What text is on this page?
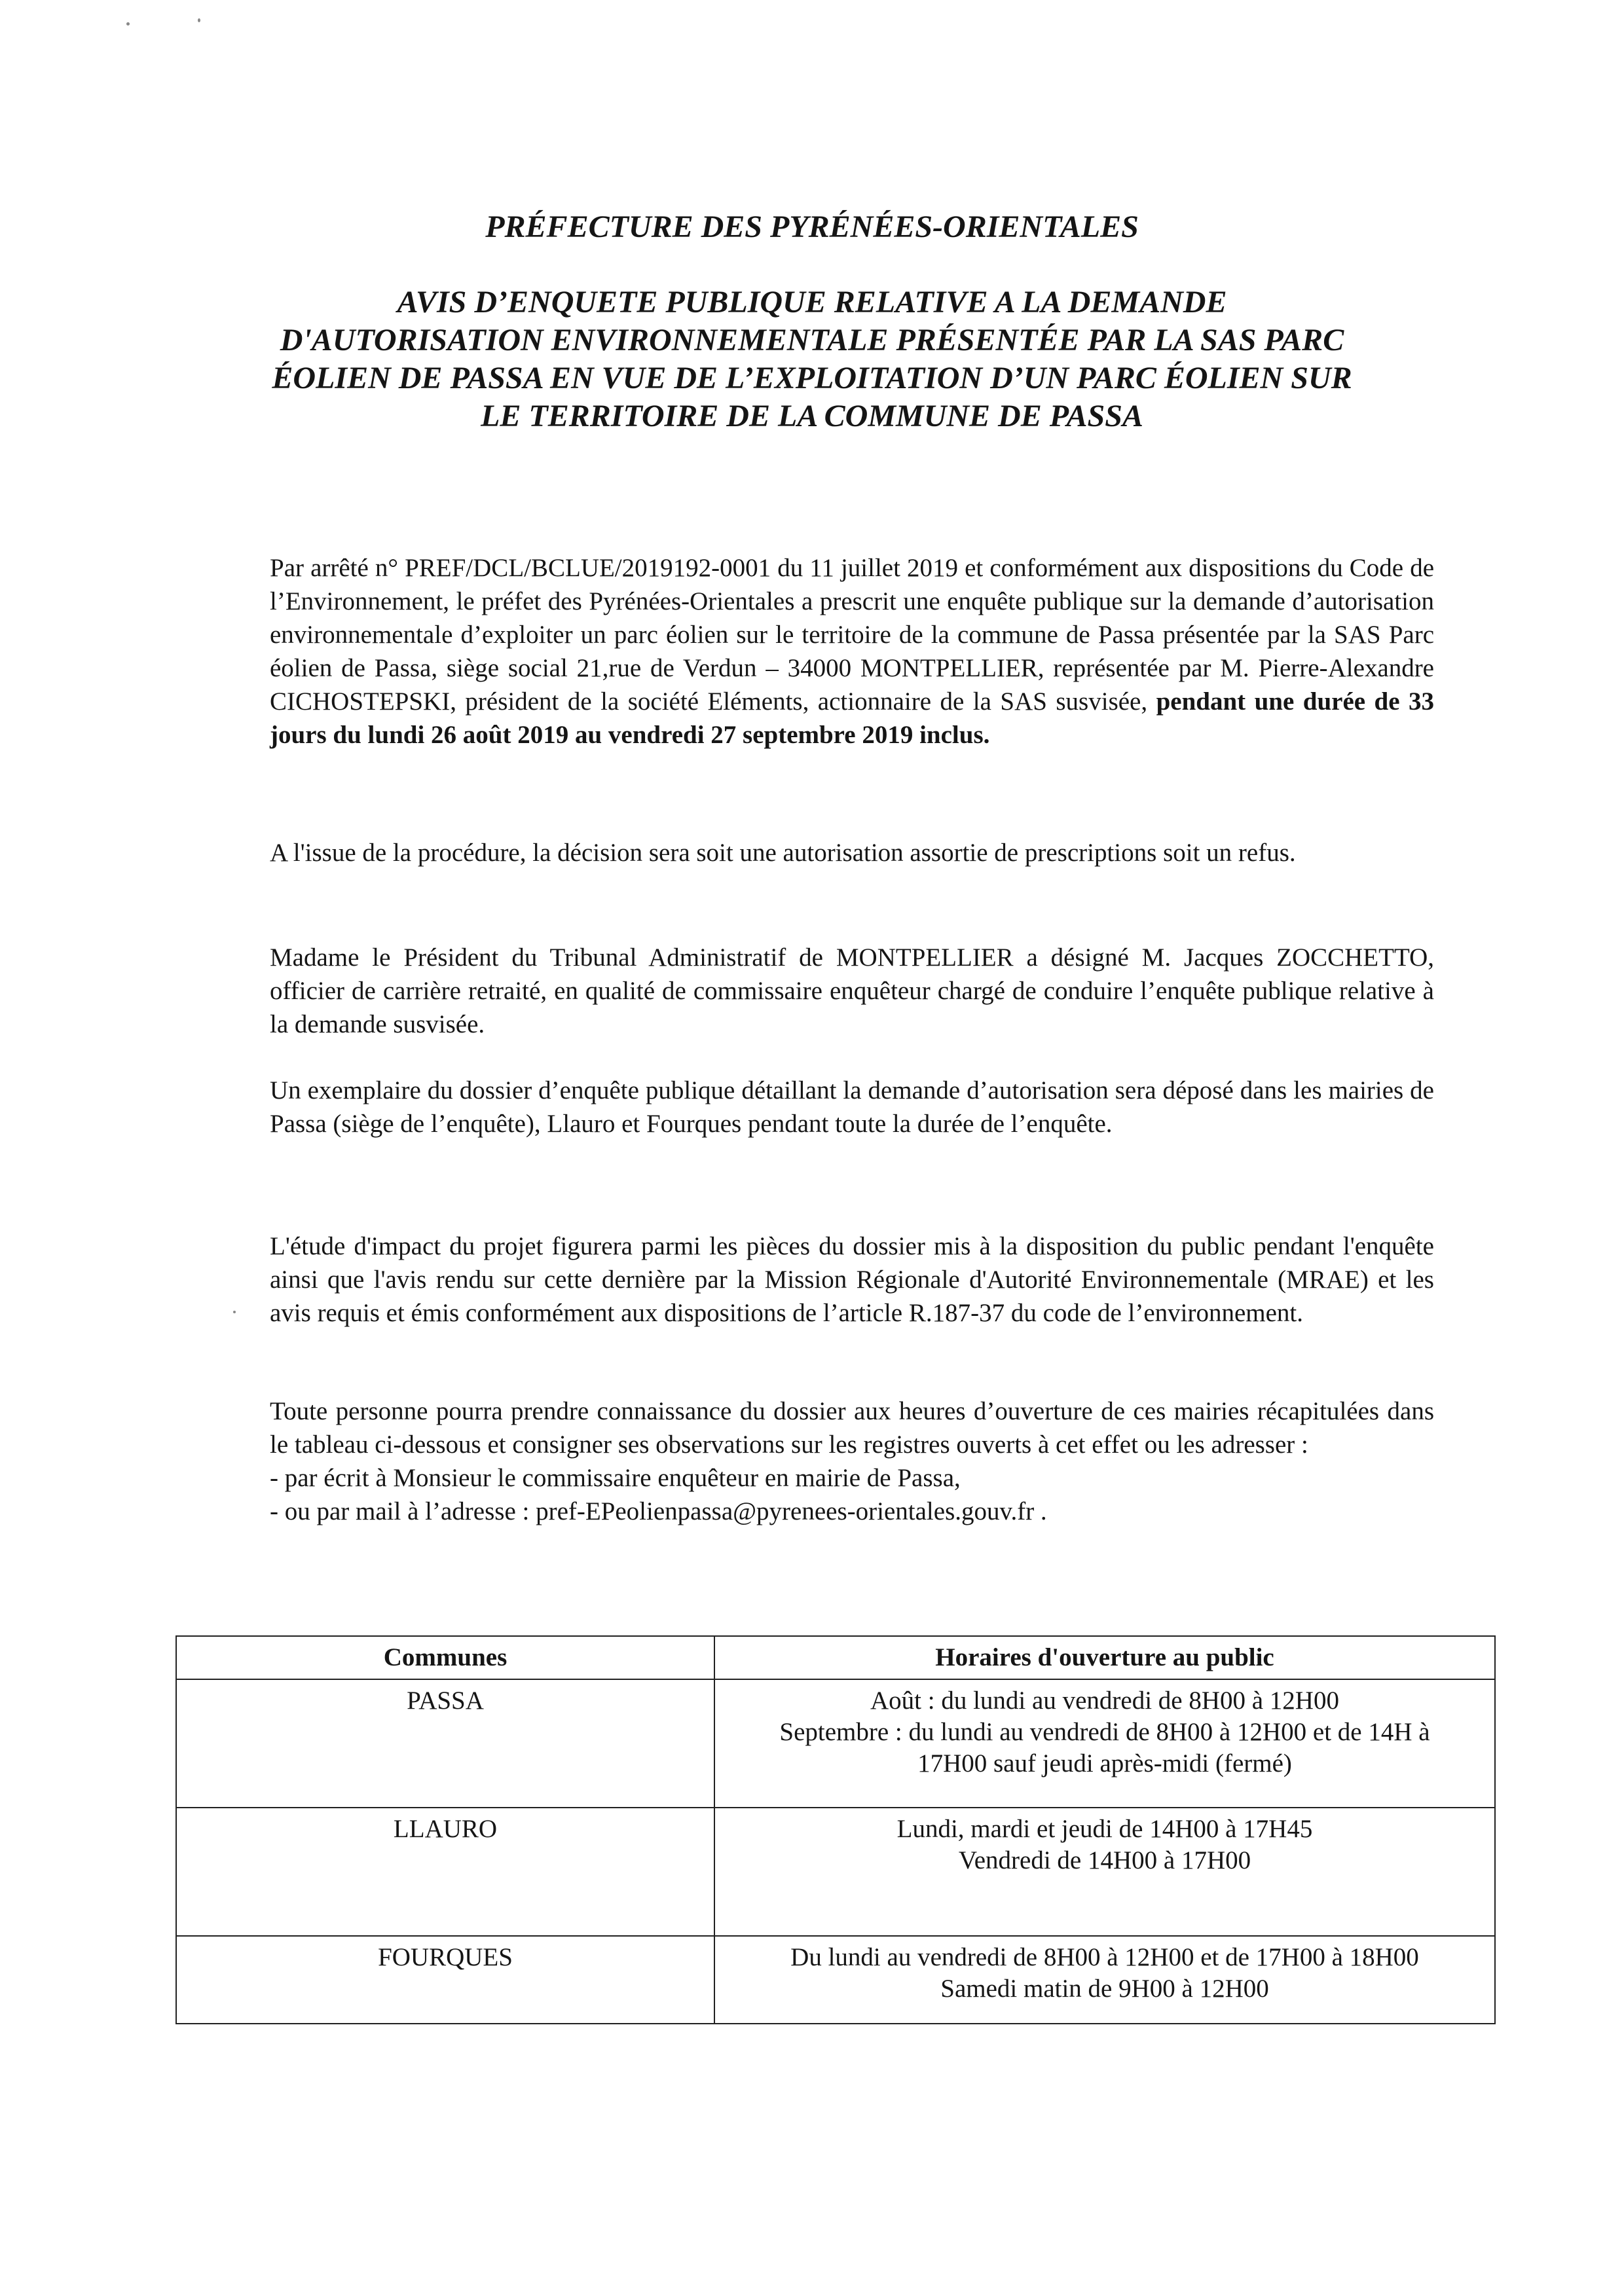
PRÉFECTURE DES PYRÉNÉES-ORIENTALES
AVIS D’ENQUETE PUBLIQUE RELATIVE A LA DEMANDE
D'AUTORISATION ENVIRONNEMENTALE PRÉSENTÉE PAR LA SAS PARC
ÉOLIEN DE PASSA EN VUE DE L’EXPLOITATION D’UN PARC ÉOLIEN SUR
LE TERRITOIRE DE LA COMMUNE DE PASSA
Par arrêté n° PREF/DCL/BCLUE/2019192-0001 du 11 juillet 2019 et conformément aux dispositions du Code de l’Environnement, le préfet des Pyrénées-Orientales a prescrit une enquête publique sur la demande d’autorisation environnementale d’exploiter un parc éolien sur le territoire de la commune de Passa présentée par la SAS Parc éolien de Passa, siège social 21,rue de Verdun – 34000 MONTPELLIER, représentée par M. Pierre-Alexandre CICHOSTEPSKI, président de la société Eléments, actionnaire de la SAS susvisée, pendant une durée de 33 jours du lundi 26 août 2019 au vendredi 27 septembre 2019 inclus.
A l'issue de la procédure, la décision sera soit une autorisation assortie de prescriptions soit un refus.
Madame le Président du Tribunal Administratif de MONTPELLIER a désigné M. Jacques ZOCCHETTO, officier de carrière retraité, en qualité de commissaire enquêteur chargé de conduire l’enquête publique relative à la demande susvisée.
Un exemplaire du dossier d’enquête publique détaillant la demande d’autorisation sera déposé dans les mairies de Passa (siège de l’enquête), Llauro et Fourques pendant toute la durée de l’enquête.
L'étude d'impact du projet figurera parmi les pièces du dossier mis à la disposition du public pendant l'enquête ainsi que l'avis rendu sur cette dernière par la Mission Régionale d'Autorité Environnementale (MRAE) et les avis requis et émis conformément aux dispositions de l’article R.187-37 du code de l’environnement.
Toute personne pourra prendre connaissance du dossier aux heures d’ouverture de ces mairies récapitulées dans le tableau ci-dessous et consigner ses observations sur les registres ouverts à cet effet ou les adresser :
- par écrit à Monsieur le commissaire enquêteur en mairie de Passa,
- ou par mail à l’adresse : pref-EPeolienpassa@pyrenees-orientales.gouv.fr .
Communes	Horaires d'ouverture au public
PASSA	Août : du lundi au vendredi de 8H00 à 12H00
Septembre : du lundi au vendredi de 8H00 à 12H00 et de 14H à
17H00 sauf jeudi après-midi (fermé)

LLAURO	Lundi, mardi et jeudi de 14H00 à 17H45
Vendredi de 14H00 à 17H00

FOURQUES	Du lundi au vendredi de 8H00 à 12H00 et de 17H00 à 18H00
Samedi matin de 9H00 à 12H00
